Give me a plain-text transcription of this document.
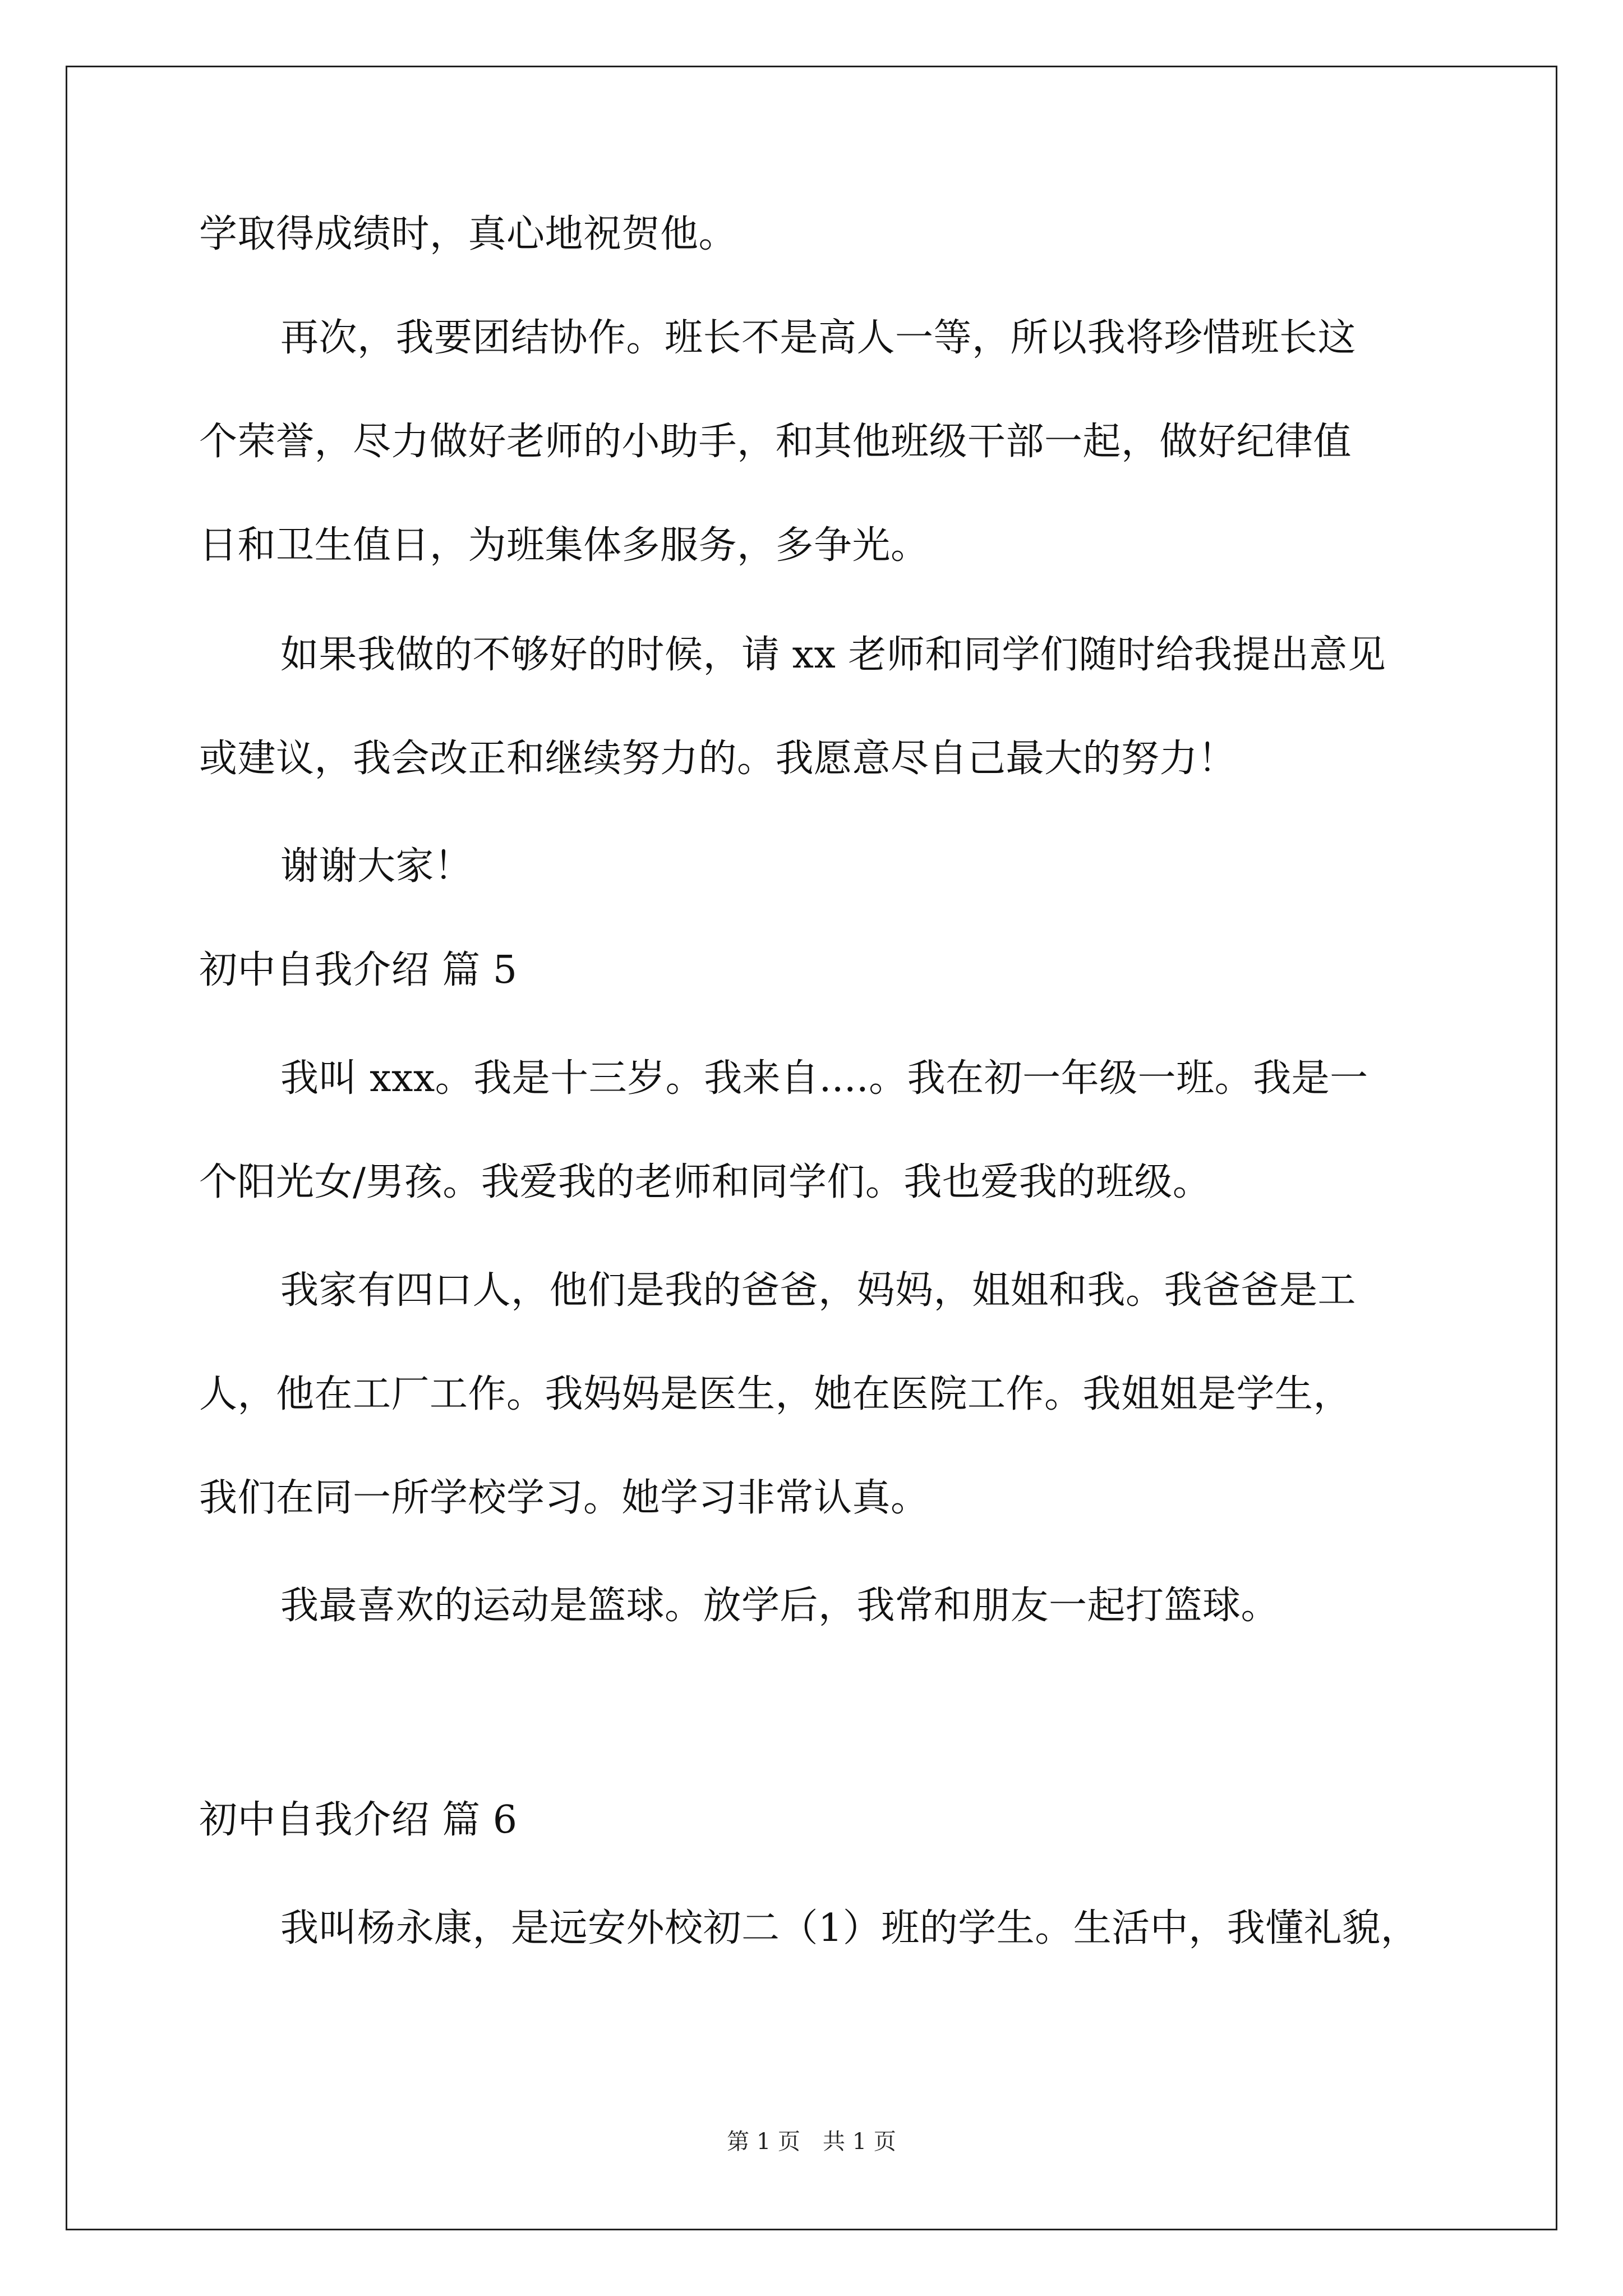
学取得成绩时，真心地祝贺他。
再次，我要团结协作。班长不是高人一等，所以我将珍惜班长这
个荣誉，尽力做好老师的小助手，和其他班级干部一起，做好纪律值
日和卫生值日，为班集体多服务，多争光。
如果我做的不够好的时候，请 xx 老师和同学们随时给我提出意见
或建议，我会改正和继续努力的。我愿意尽自己最大的努力！
谢谢大家！
初中自我介绍 篇 5
我叫 xxx。我是十三岁。我来自....。我在初一年级一班。我是一
个阳光女/男孩。我爱我的老师和同学们。我也爱我的班级。
我家有四口人，他们是我的爸爸，妈妈，姐姐和我。我爸爸是工
人，他在工厂工作。我妈妈是医生，她在医院工作。我姐姐是学生，
我们在同一所学校学习。她学习非常认真。
我最喜欢的运动是篮球。放学后，我常和朋友一起打篮球。
初中自我介绍 篇 6
我叫杨永康，是远安外校初二（1）班的学生。生活中，我懂礼貌，
第 1 页　共 1 页
